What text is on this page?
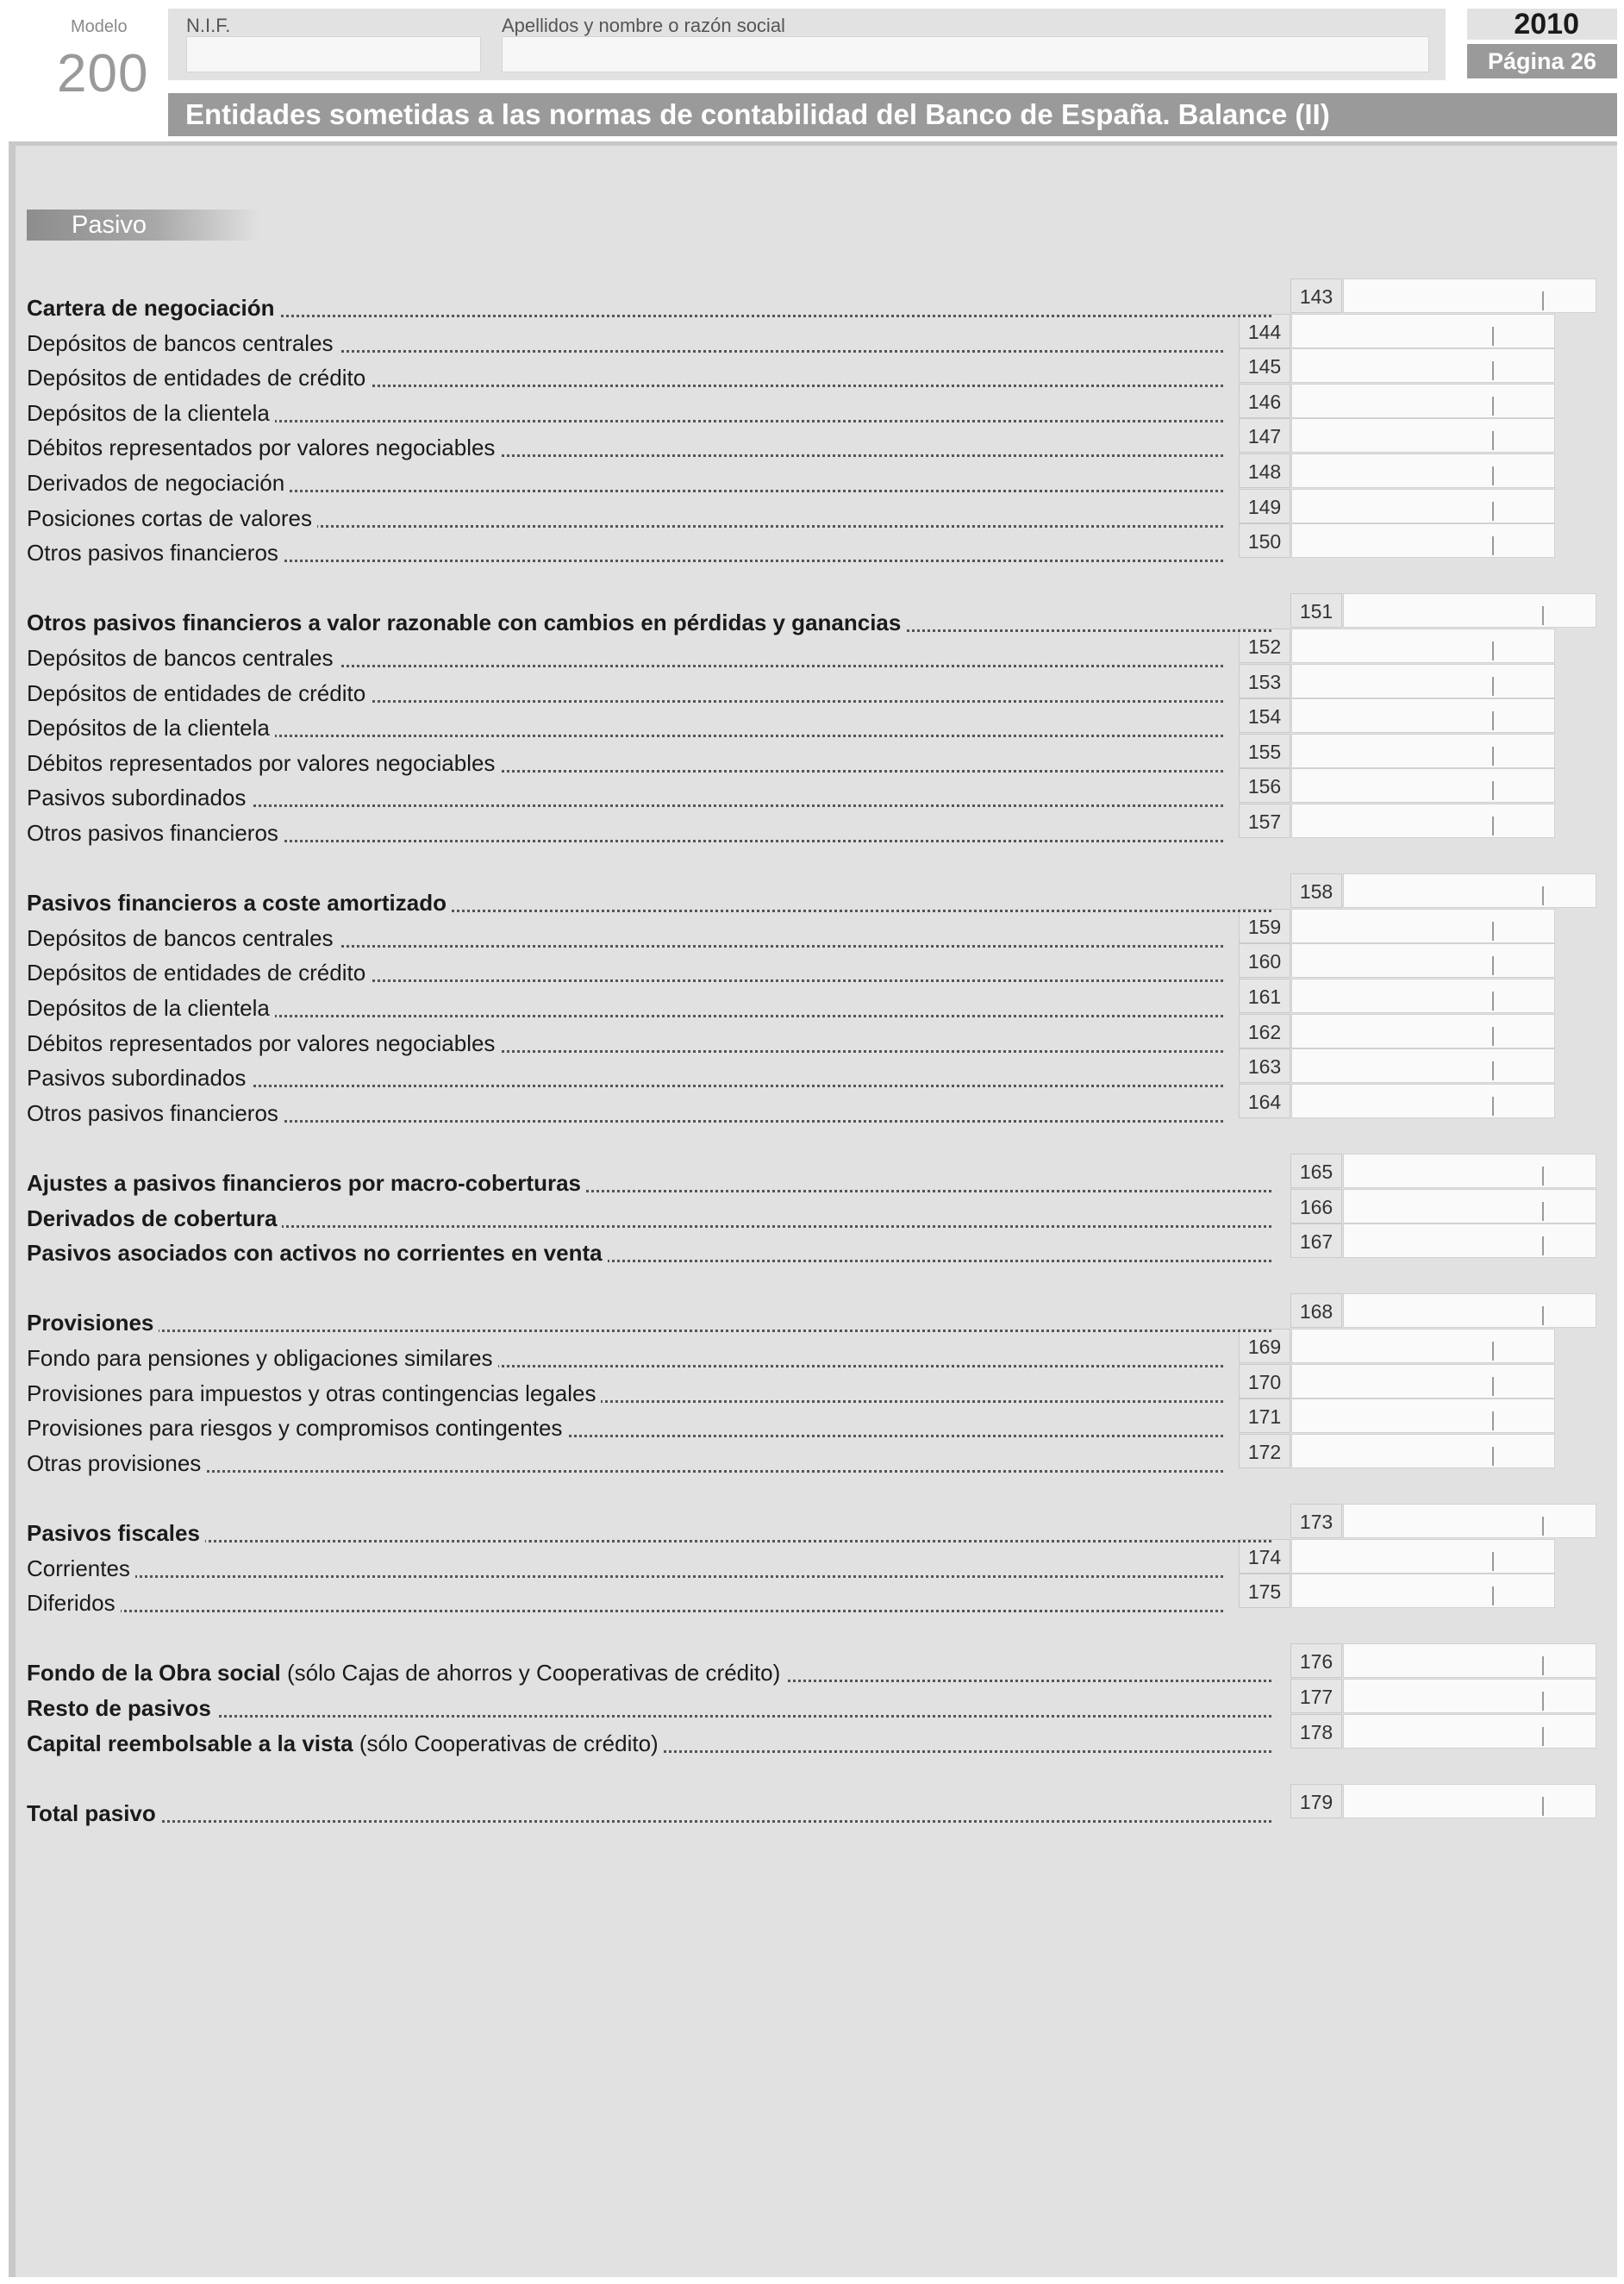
Modelo
200
N.I.F.	Apellidos y nombre o razón social	2010
Página 26
Entidades sometidas a las normas de contabilidad del Banco de España. Balance (II)
Pasivo
Cartera de negociación	143
Depósitos de bancos centrales	144
Depósitos de entidades de crédito	145
Depósitos de la clientela	146
Débitos representados por valores negociables	147
Derivados de negociación	148
Posiciones cortas de valores	149
Otros pasivos financieros	150
Otros pasivos financieros a valor razonable con cambios en pérdidas y ganancias	151
Depósitos de bancos centrales	152
Depósitos de entidades de crédito	153
Depósitos de la clientela	154
Débitos representados por valores negociables	155
Pasivos subordinados	156
Otros pasivos financieros	157
Pasivos financieros a coste amortizado	158
Depósitos de bancos centrales	159
Depósitos de entidades de crédito	160
Depósitos de la clientela	161
Débitos representados por valores negociables	162
Pasivos subordinados	163
Otros pasivos financieros	164
Ajustes a pasivos financieros por macro-coberturas	165
Derivados de cobertura	166
Pasivos asociados con activos no corrientes en venta	167
Provisiones	168
Fondo para pensiones y obligaciones similares	169
Provisiones para impuestos y otras contingencias legales	170
Provisiones para riesgos y compromisos contingentes	171
Otras provisiones	172
Pasivos fiscales	173
Corrientes	174
Diferidos	175
Fondo de la Obra social (sólo Cajas de ahorros y Cooperativas de crédito)	176
Resto de pasivos	177
Capital reembolsable a la vista (sólo Cooperativas de crédito)	178
Total pasivo	179
